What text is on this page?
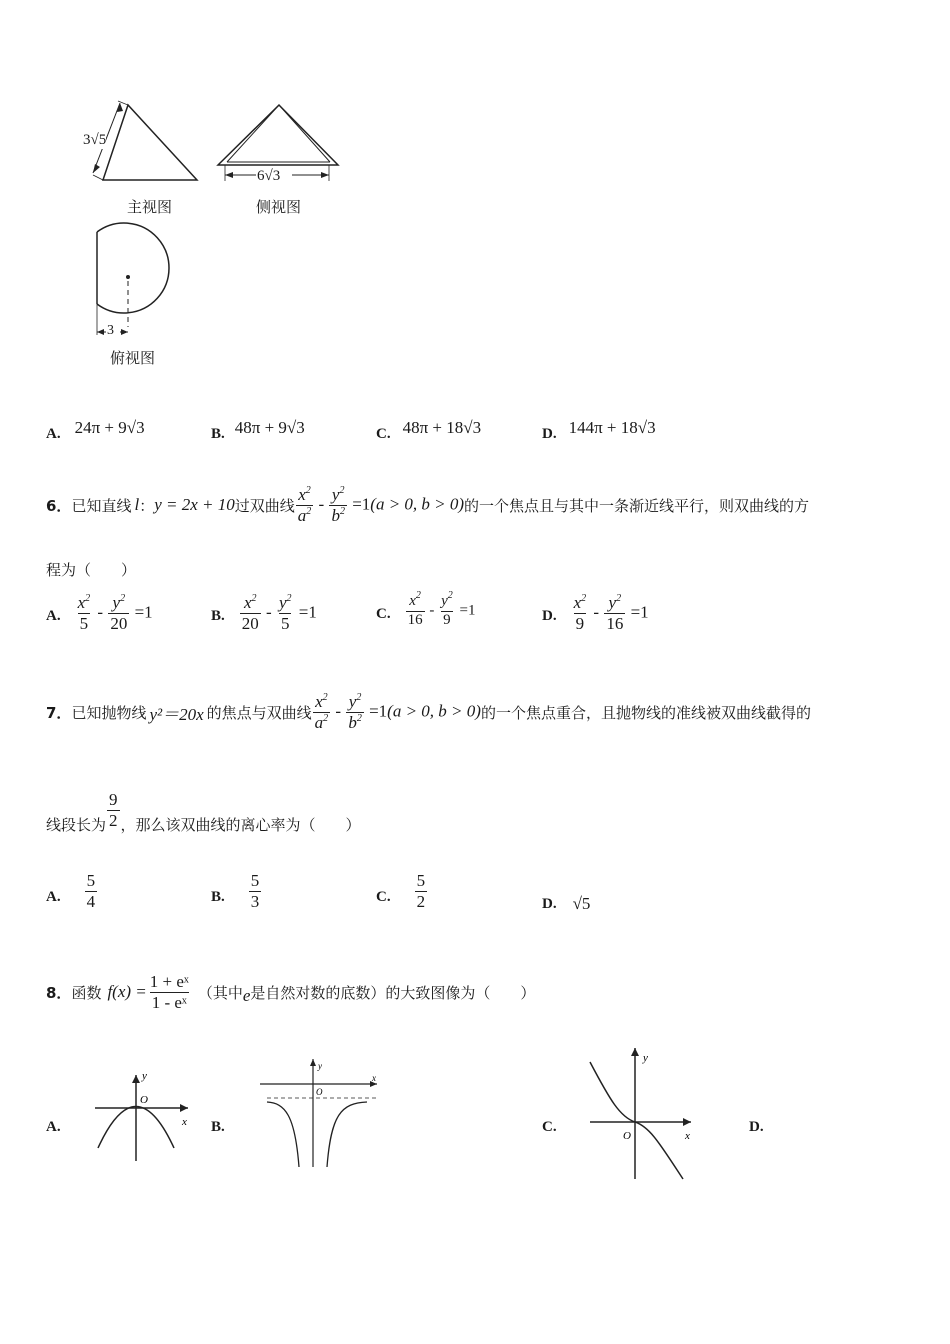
3√5
6√3
3
主视图	侧视图
俯视图
A. 24π + 9√3	B. 48π + 9√3	C. 48π + 18√3	D. 144π + 18√3
6． 已知直线 l ： y = 2x + 10 过双曲线 $\frac{x^2}{a^2} - \frac{y^2}{b^2} =1(a > 0$, b > 0) 的一个焦点且与其中一条渐近线平行，则双曲线的方
程为（　　）
A. $\frac{x^2}{5} - \frac{y^2}{20} =1$	B. $\frac{x^2}{20} - \frac{y^2}{5} =1$	C. $\frac{x^2}{16} - \frac{y^2}{9} =1$	D. $\frac{x^2}{9} - \frac{y^2}{16} =1$
7． 已知抛物线 y²＝20x 的焦点与双曲线 $\frac{x^2}{a^2} - \frac{y^2}{b^2} =1(a > 0$, b > 0) 的一个焦点重合，且抛物线的准线被双曲线截得的
线段长为 $\frac{9}{2}$ ，那么该双曲线的离心率为（　　）
A. $\frac{5}{4}$	B. $\frac{5}{3}$	C. $\frac{5}{2}$	D. √5
8． 函数 $f(x) = \frac{\text{1 + eˣ}}{\text{1 - eˣ}}$ （其中 e 是自然对数的底数）的大致图像为（　　）
A.
y
x
O
B.
y
x
O
C.
y
x
O
D.
